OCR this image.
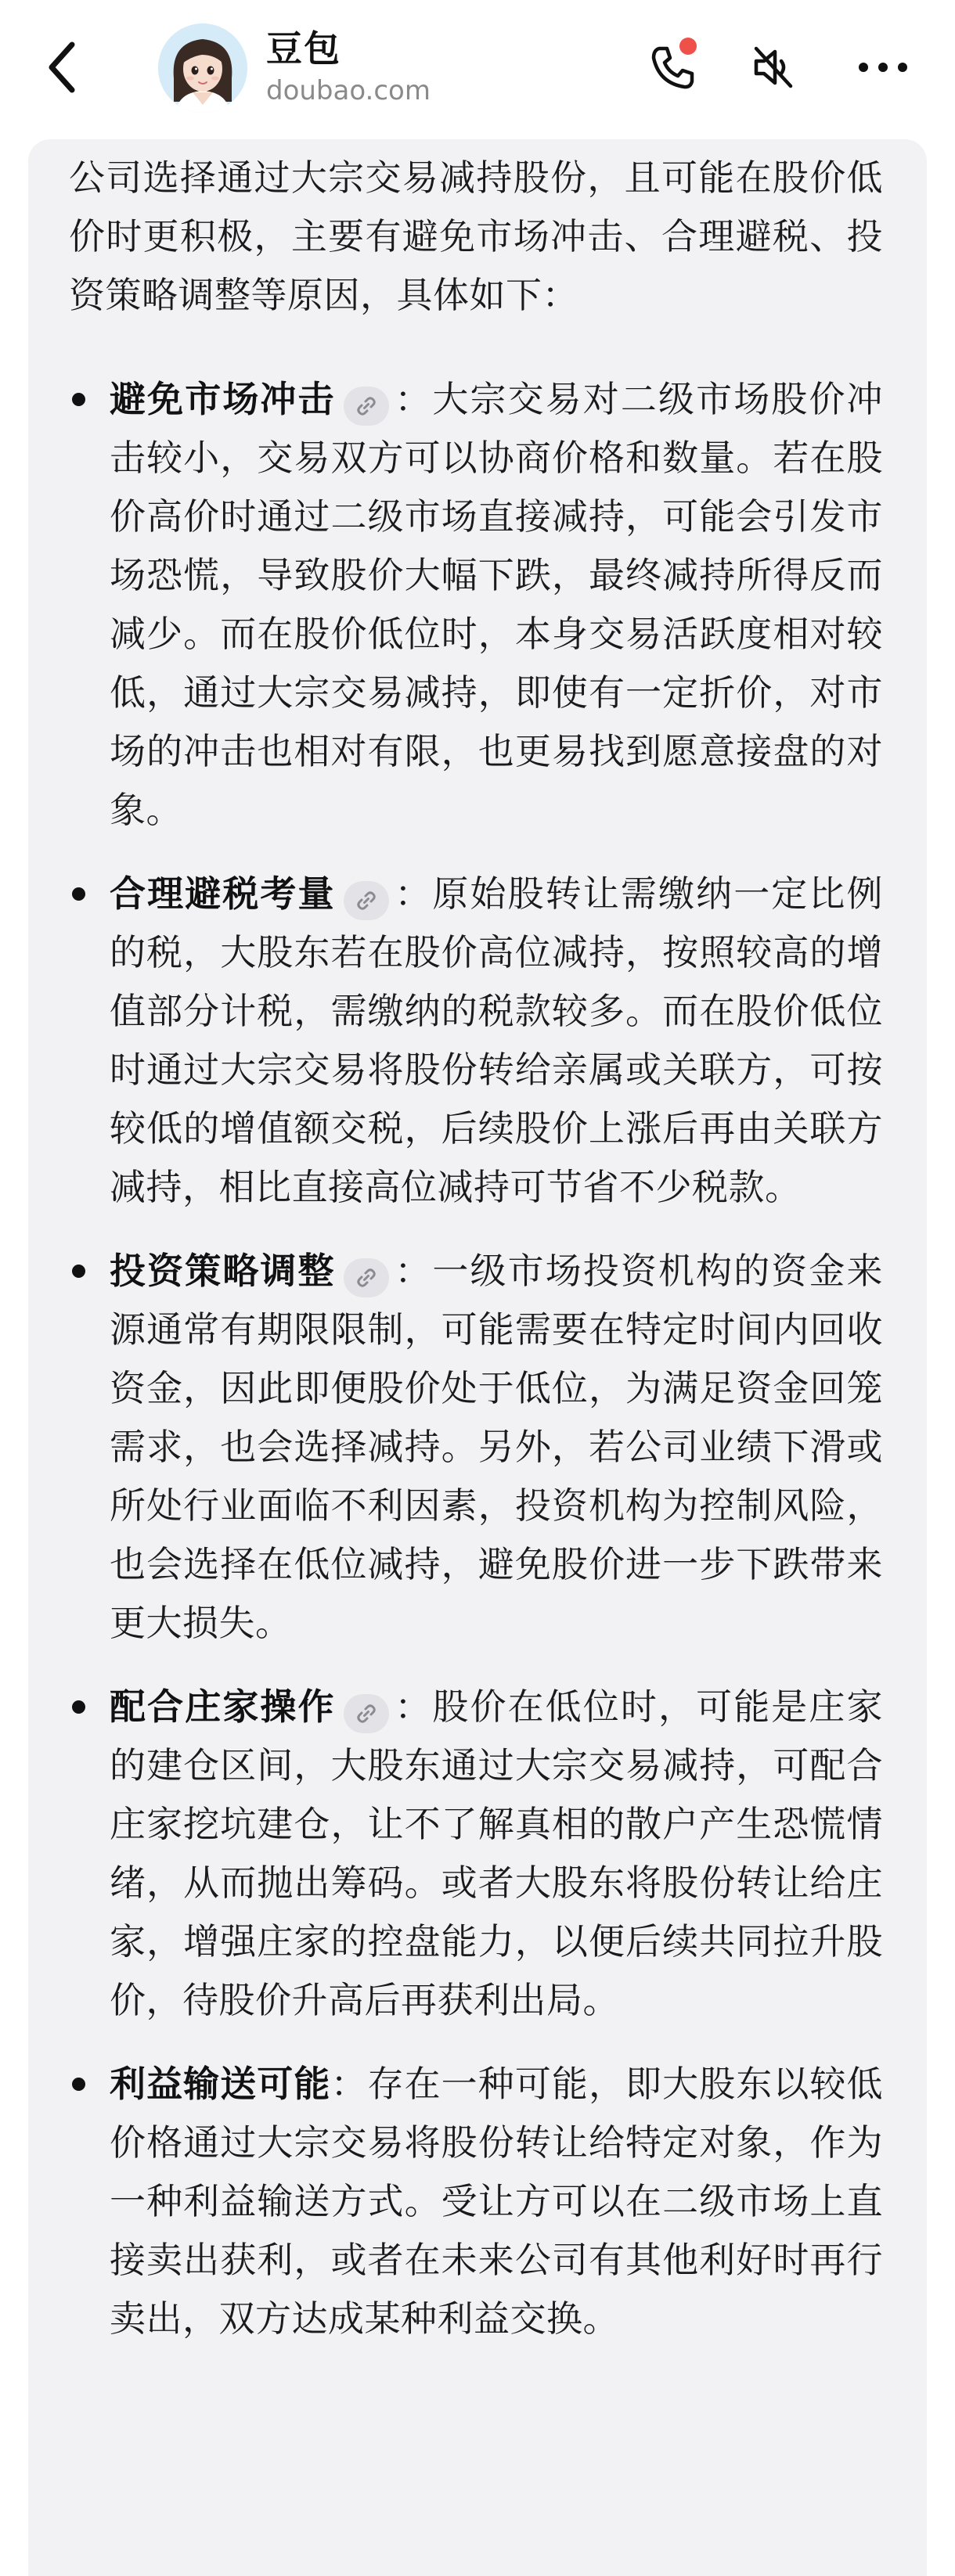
豆包
doubao.com

公司选择通过大宗交易减持股份，且可能在股价低价时更积极，主要有避免市场冲击、合理避税、投资策略调整等原因，具体如下：

避免市场冲击 ：大宗交易对二级市场股价冲击较小，交易双方可以协商价格和数量。若在股价高价时通过二级市场直接减持，可能会引发市场恐慌，导致股价大幅下跌，最终减持所得反而减少。而在股价低位时，本身交易活跃度相对较低，通过大宗交易减持，即使有一定折价，对市场的冲击也相对有限，也更易找到愿意接盘的对象。
合理避税考量 ：原始股转让需缴纳一定比例的税，大股东若在股价高位减持，按照较高的增值部分计税，需缴纳的税款较多。而在股价低位时通过大宗交易将股份转给亲属或关联方，可按较低的增值额交税，后续股价上涨后再由关联方减持，相比直接高位减持可节省不少税款。
投资策略调整 ：一级市场投资机构的资金来源通常有期限限制，可能需要在特定时间内回收资金，因此即便股价处于低位，为满足资金回笼需求，也会选择减持。另外，若公司业绩下滑或所处行业面临不利因素，投资机构为控制风险，也会选择在低位减持，避免股价进一步下跌带来更大损失。
配合庄家操作 ：股价在低位时，可能是庄家的建仓区间，大股东通过大宗交易减持，可配合庄家挖坑建仓，让不了解真相的散户产生恐慌情绪，从而抛出筹码。或者大股东将股份转让给庄家，增强庄家的控盘能力，以便后续共同拉升股价，待股价升高后再获利出局。
利益输送可能：存在一种可能，即大股东以较低价格通过大宗交易将股份转让给特定对象，作为一种利益输送方式。受让方可以在二级市场上直接卖出获利，或者在未来公司有其他利好时再行卖出，双方达成某种利益交换。
